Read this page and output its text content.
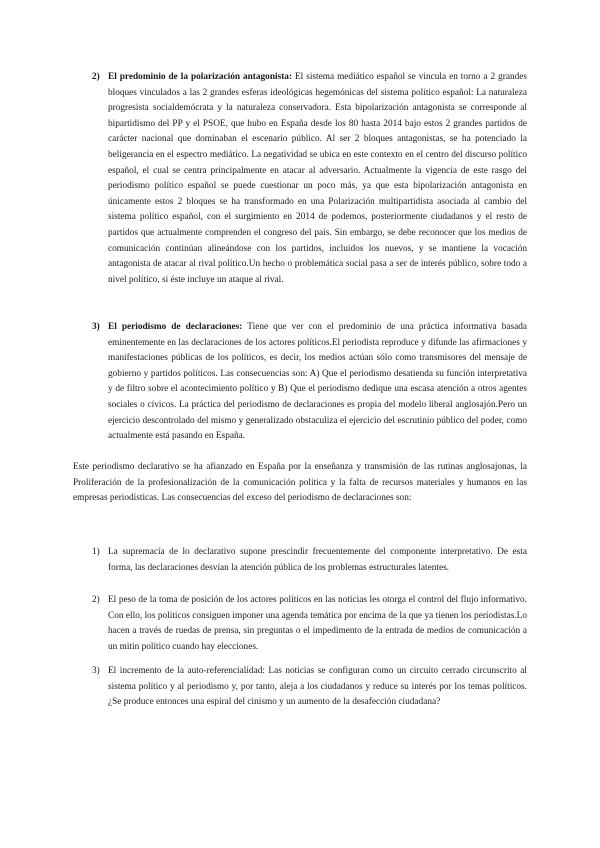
2) El predominio de la polarización antagonista: El sistema mediático español se vincula en torno a 2 grandes bloques vinculados a las 2 grandes esferas ideológicas hegemónicas del sistema político español: La naturaleza progresista socialdemócrata y la naturaleza conservadora. Esta bipolarización antagonista se corresponde al bipartidismo del PP y el PSOE, que hubo en España desde los 80 hasta 2014 bajo estos 2 grandes partidos de carácter nacional que dominaban el escenario público. Al ser 2 bloques antagonistas, se ha potenciado la beligerancia en el espectro mediático. La negatividad se ubica en este contexto en el centro del discurso político español, el cual se centra principalmente en atacar al adversario. Actualmente la vigencia de este rasgo del periodismo político español se puede cuestionar un poco más, ya que esta bipolarización antagonista en únicamente estos 2 bloques se ha transformado en una Polarización multipartidista asociada al cambio del sistema político español, con el surgimiento en 2014 de podemos, posteriormente ciudadanos y el resto de partidos que actualmente comprenden el congreso del país. Sin embargo, se debe reconocer que los medios de comunicación continúan alineándose con los partidos, incluidos los nuevos, y se mantiene la vocación antagonista de atacar al rival político.Un hecho o problemática social pasa a ser de interés público, sobre todo a nivel político, si éste incluye un ataque al rival.

3) El periodismo de declaraciones: Tiene que ver con el predominio de una práctica informativa basada eminentemente en las declaraciones de los actores políticos.El periodista reproduce y difunde las afirmaciones y manifestaciones públicas de los políticos, es decir, los medios actúan sólo como transmisores del mensaje de gobierno y partidos políticos. Las consecuencias son: A) Que el periodismo desatienda su función interpretativa y de filtro sobre el acontecimiento político y B) Que el periodismo dedique una escasa atención a otros agentes sociales o cívicos. La práctica del periodismo de declaraciones es propia del modelo liberal anglosajón.Pero un ejercicio descontrolado del mismo y generalizado obstaculiza el ejercicio del escrutinio público del poder, como actualmente está pasando en España.

Este periodismo declarativo se ha afianzado en España por la enseñanza y transmisión de las rutinas anglosajonas, la Proliferación de la profesionalización de la comunicación política y la falta de recursos materiales y humanos en las empresas periodísticas. Las consecuencias del exceso del periodismo de declaraciones son:

1) La supremacía de lo declarativo supone prescindir frecuentemente del componente interpretativo. De esta forma, las declaraciones desvían la atención pública de los problemas estructurales latentes.

2) El peso de la toma de posición de los actores políticos en las noticias les otorga el control del flujo informativo. Con ello, los políticos consiguen imponer una agenda temática por encima de la que ya tienen los periodistas.Lo hacen a través de ruedas de prensa, sin preguntas o el impedimento de la entrada de medios de comunicación a un mitin político cuando hay elecciones.

3) El incremento de la auto-referencialidad: Las noticias se configuran como un circuito cerrado circunscrito al sistema político y al periodismo y, por tanto, aleja a los ciudadanos y reduce su interés por los temas políticos. ¿Se produce entonces una espiral del cinismo y un aumento de la desafección ciudadana?
